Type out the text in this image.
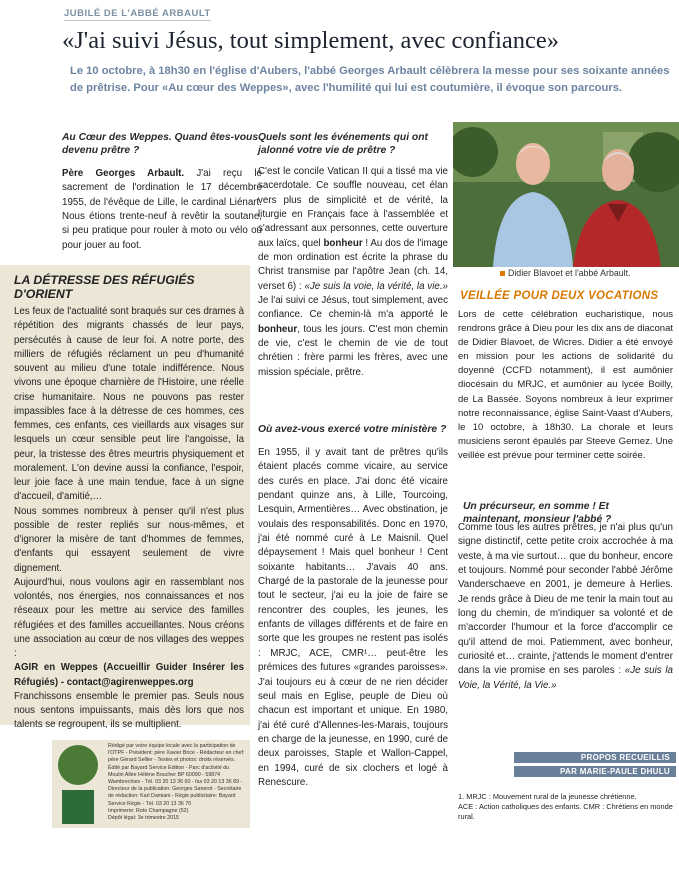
JUBILÉ DE L'ABBÉ ARBAULT
«J'ai suivi Jésus, tout simplement, avec confiance»
Le 10 octobre, à 18h30 en l'église d'Aubers, l'abbé Georges Arbault célèbrera la messe pour ses soixante années de prêtrise. Pour «Au cœur des Weppes», avec l'humilité qui lui est coutumière, il évoque son parcours.
Au Cœur des Weppes. Quand êtes-vous devenu prêtre ?
Père Georges Arbault. J'ai reçu le sacrement de l'ordination le 17 décembre 1955, de l'évêque de Lille, le cardinal Liénart. Nous étions trente-neuf à revêtir la soutane, si peu pratique pour rouler à moto ou vélo ou pour jouer au foot.
LA DÉTRESSE DES RÉFUGIÉS
D'ORIENT
Les feux de l'actualité sont braqués sur ces drames à répétition des migrants chassés de leur pays, persécutés à cause de leur foi. A notre porte, des milliers de réfugiés réclament un peu d'humanité souvent au milieu d'une totale indifférence. Nous vivons une époque charnière de l'Histoire, une réelle crise humanitaire. Nous ne pouvons pas rester impassibles face à la détresse de ces hommes, ces femmes, ces enfants, ces vieillards aux visages sur lesquels un cœur sensible peut lire l'angoisse, la peur, la tristesse des êtres meurtris physiquement et moralement. L'on devine aussi la confiance, l'espoir, leur joie face à une main tendue, face à un signe d'accueil, d'amitié,…
Nous sommes nombreux à penser qu'il n'est plus possible de rester repliés sur nous-mêmes, et d'ignorer la misère de tant d'hommes de femmes, d'enfants qui essayent seulement de vivre dignement.
Aujourd'hui, nous voulons agir en rassemblant nos volontés, nos énergies, nos connaissances et nos réseaux pour les mettre au service des familles réfugiées et des familles accueillantes. Nous créons une association au cœur de nos villages des weppes :
AGIR en Weppes (Accueillir Guider Insérer les Réfugiés) - contact@agirenweppes.org
Franchissons ensemble le premier pas. Seuls nous nous sentons impuissants, mais dès lors que nos talents se regroupent, ils se multiplient.
Rédigé par votre équipe locale avec la participation de l'OTPF - Président: père Xavier Brice - Rédacteur en chef: père Gérard Sellier - Textes et photos: droits réservés. Édité par Bayard Service Edition - Parc d'activité du Moulin Allée Hélène Boucher BP 60090 - 59874 Wambrechies - Tél. 03 20 13 36 60 - fax 03 20 13 36 89 - Directeur de la publication: Georges Sanerot - Secrétaire de rédaction: Karl Damiani - Régie publicitaire: Bayard Service Régie - Tél. 03 20 13 36 70
Imprimerie: Roto Champagne (52)
Dépôt légal: 3e trimestre 2015
Quels sont les événements qui ont jalonné votre vie de prêtre ?
C'est le concile Vatican II qui a tissé ma vie sacerdotale. Ce souffle nouveau, cet élan vers plus de simplicité et de vérité, la liturgie en Français face à l'assemblée et s'adressant aux personnes, cette ouverture aux laïcs, quel bonheur ! Au dos de l'image de mon ordination est écrite la phrase du Christ transmise par l'apôtre Jean (ch. 14, verset 6) : «Je suis la voie, la vérité, la vie.» Je l'ai suivi ce Jésus, tout simplement, avec confiance. Ce chemin-là m'a apporté le bonheur, tous les jours. C'est mon chemin de vie, c'est le chemin de vie de tout chrétien : frère parmi les frères, avec une mission spéciale, prêtre.
Où avez-vous exercé votre ministère ?
En 1955, il y avait tant de prêtres qu'ils étaient placés comme vicaire, au service des curés en place. J'ai donc été vicaire pendant quinze ans, à Lille, Tourcoing, Lesquin, Armentières… Avec obstination, je voulais des responsabilités. Donc en 1970, j'ai été nommé curé à Le Maisnil. Quel dépaysement ! Mais quel bonheur ! Cent soixante habitants… J'avais 40 ans. Chargé de la pastorale de la jeunesse pour tout le secteur, j'ai eu la joie de faire se rencontrer des couples, les jeunes, les enfants de villages différents et de faire en sorte que les groupes ne restent pas isolés : MRJC, ACE, CMR¹… peut-être les prémices des futures «grandes paroisses». J'ai toujours eu à cœur de ne rien décider seul mais en Eglise, peuple de Dieu où chacun est important et unique. En 1980, j'ai été curé d'Allennes-les-Marais, toujours en charge de la jeunesse, en 1990, curé de deux paroisses, Staple et Wallon-Cappel, en 1994, curé de six clochers et logé à Renescure.
Didier Blavoet et l'abbé Arbault.
VEILLÉE POUR DEUX VOCATIONS
Lors de cette célébration eucharistique, nous rendrons grâce à Dieu pour les dix ans de diaconat de Didier Blavoet, de Wicres. Didier a été envoyé en mission pour les actions de solidarité du doyenné (CCFD notamment), il est aumônier diocésain du MRJC, et aumônier au lycée Boilly, de La Bassée. Soyons nombreux à leur exprimer notre reconnaissance, église Saint-Vaast d'Aubers, le 10 octobre, à 18h30. La chorale et leurs musiciens seront épaulés par Steeve Gernez. Une veillée est prévue pour terminer cette soirée.
Un précurseur, en somme ! Et maintenant, monsieur l'abbé ?
Comme tous les autres prêtres, je n'ai plus qu'un signe distinctif, cette petite croix accrochée à ma veste, à ma vie surtout… que du bonheur, encore et toujours. Nommé pour seconder l'abbé Jérôme Vanderschaeve en 2001, je demeure à Herlies. Je rends grâce à Dieu de me tenir la main tout au long du chemin, de m'indiquer sa volonté et de m'accorder l'humour et la force d'accomplir ce qu'il attend de moi. Patiemment, avec bonheur, curiosité et… crainte, j'attends le moment d'entrer dans la vie promise en ses paroles : «Je suis la Voie, la Vérité, la Vie.»
PROPOS RECUEILLIS
PAR MARIE-PAULE DHULU
1. MRJC : Mouvement rural de la jeunesse chrétienne.
ACE : Action catholiques des enfants. CMR : Chrétiens en monde rural.
